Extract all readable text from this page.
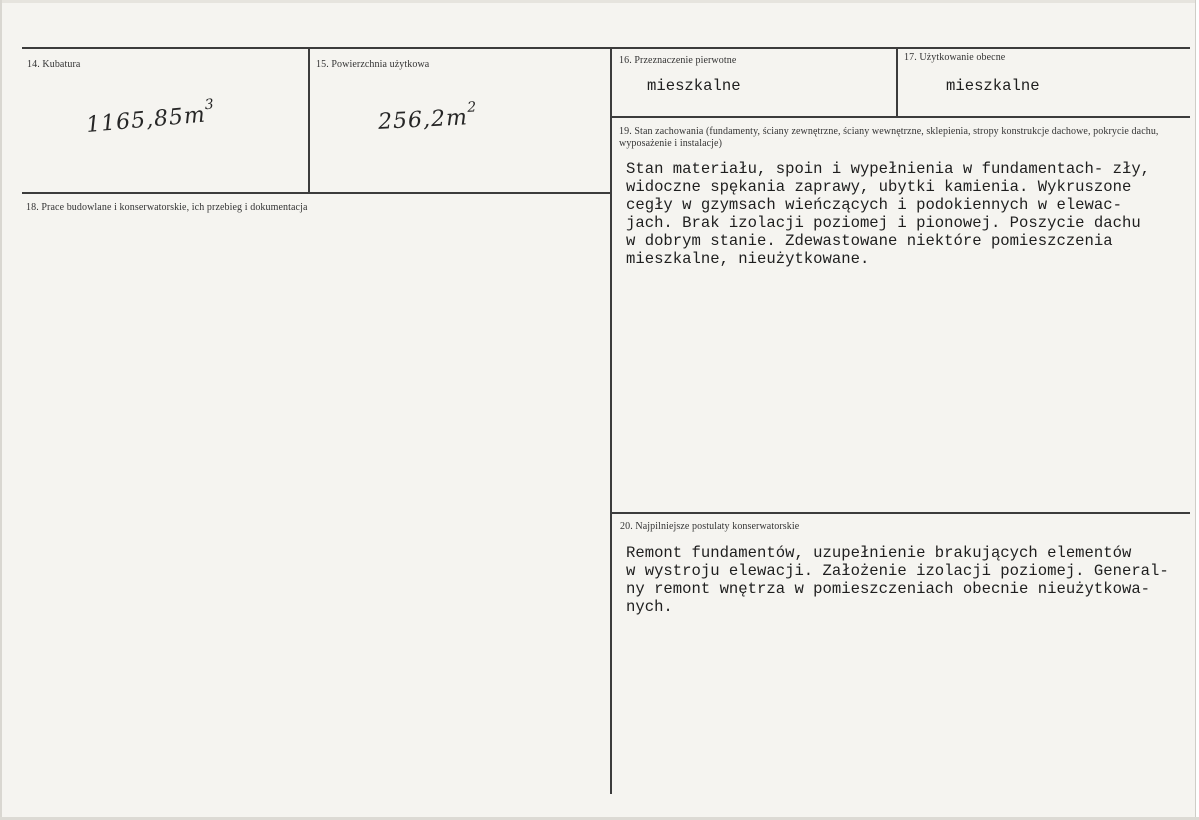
14. Kubatura
$1165,85m^3$
15. Powierzchnia użytkowa
$256,2m^2$
16. Przeznaczenie pierwotne
mieszkalne
17. Użytkowanie obecne
mieszkalne
18. Prace budowlane i konserwatorskie, ich przebieg i dokumentacja
19. Stan zachowania (fundamenty, ściany zewnętrzne, ściany wewnętrzne, sklepienia, stropy konstrukcje dachowe, pokrycie dachu, wyposażenie i instalacje)
Stan materiału, spoin i wypełnienia w fundamentach- zły,
widoczne spękania zaprawy, ubytki kamienia. Wykruszone
cegły w gzymsach wieńczących i podokiennych w elewac-
jach. Brak izolacji poziomej i pionowej. Poszycie dachu
w dobrym stanie. Zdewastowane niektóre pomieszczenia
mieszkalne, nieużytkowane.
20. Najpilniejsze postulaty konserwatorskie
Remont fundamentów, uzupełnienie brakujących elementów
w wystroju elewacji. Założenie izolacji poziomej. General-
ny remont wnętrza w pomieszczeniach obecnie nieużytkowa-
nych.
